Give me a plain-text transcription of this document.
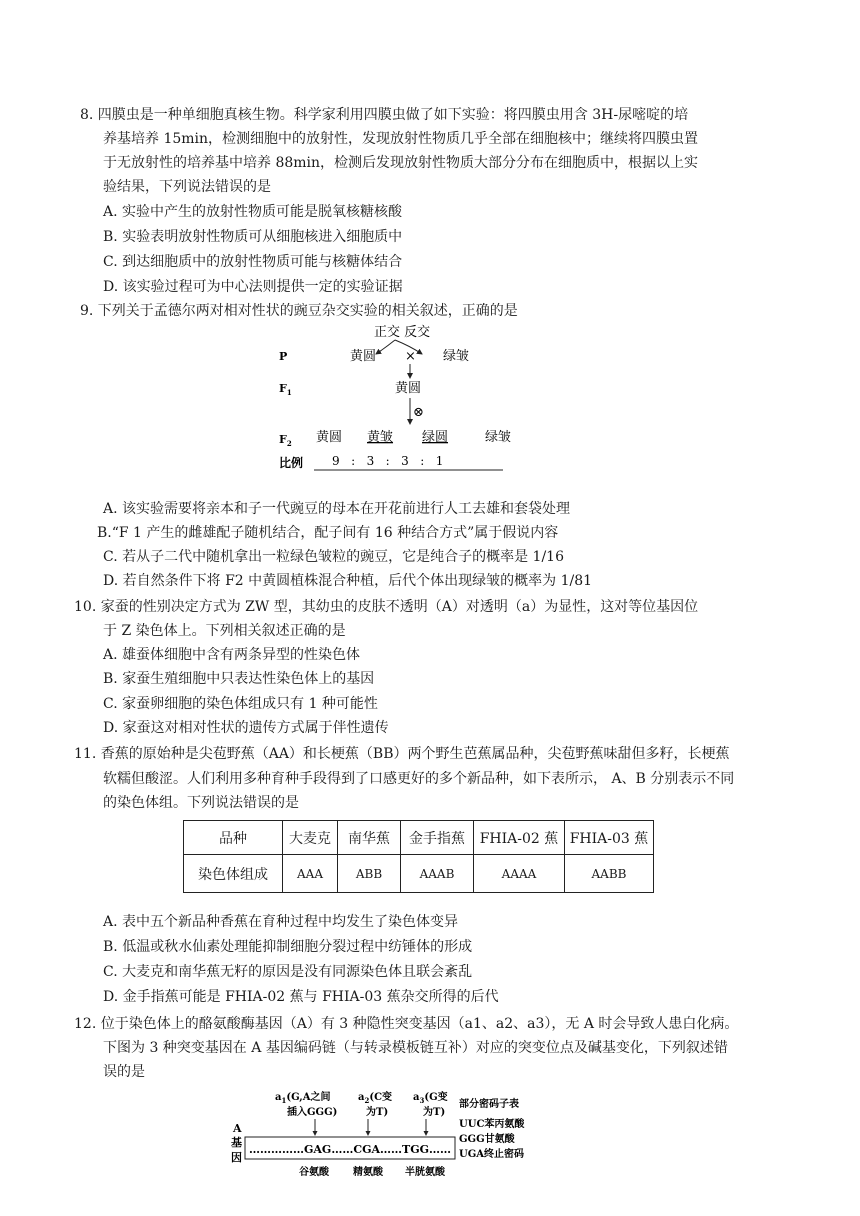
8. 四膜虫是一种单细胞真核生物。科学家利用四膜虫做了如下实验：将四膜虫用含 3H-尿嘧啶的培
养基培养 15min，检测细胞中的放射性，发现放射性物质几乎全部在细胞核中；继续将四膜虫置
于无放射性的培养基中培养 88min，检测后发现放射性物质大部分分布在细胞质中，根据以上实
验结果，下列说法错误的是
A. 实验中产生的放射性物质可能是脱氧核糖核酸
B. 实验表明放射性物质可从细胞核进入细胞质中
C. 到达细胞质中的放射性物质可能与核糖体结合
D. 该实验过程可为中心法则提供一定的实验证据
9. 下列关于孟德尔两对相对性状的豌豆杂交实验的相关叙述，正确的是
正交 反交
P	黄圆 × 绿皱
$F_1$	黄圆
⊗
$F_2$ 黄圆 黄皱 绿圆	绿皱
比例 9   :   3   :   3   :   1
A. 该实验需要将亲本和子一代豌豆的母本在开花前进行人工去雄和套袋处理
B.“F 1 产生的雌雄配子随机结合，配子间有 16 种结合方式”属于假说内容
C. 若从子二代中随机拿出一粒绿色皱粒的豌豆，它是纯合子的概率是 1/16
D. 若自然条件下将 F2 中黄圆植株混合种植，后代个体出现绿皱的概率为 1/81
10. 家蚕的性别决定方式为 ZW 型，其幼虫的皮肤不透明（A）对透明（a）为显性，这对等位基因位
于 Z 染色体上。下列相关叙述正确的是
A. 雄蚕体细胞中含有两条异型的性染色体
B. 家蚕生殖细胞中只表达性染色体上的基因
C. 家蚕卵细胞的染色体组成只有 1 种可能性
D. 家蚕这对相对性状的遗传方式属于伴性遗传
11. 香蕉的原始种是尖苞野蕉（AA）和长梗蕉（BB）两个野生芭蕉属品种，尖苞野蕉味甜但多籽，长梗蕉
软糯但酸涩。人们利用多种育种手段得到了口感更好的多个新品种，如下表所示， A、B 分别表示不同
的染色体组。下列说法错误的是
品种	大麦克	南华蕉	金手指蕉	FHIA-02 蕉	FHIA-03 蕉
染色体组成	AAA	ABB	AAAB	AAAA	AABB
A. 表中五个新品种香蕉在育种过程中均发生了染色体变异
B. 低温或秋水仙素处理能抑制细胞分裂过程中纺锤体的形成
C. 大麦克和南华蕉无籽的原因是没有同源染色体且联会紊乱
D. 金手指蕉可能是 FHIA-02 蕉与 FHIA-03 蕉杂交所得的后代
12. 位于染色体上的酪氨酸酶基因（A）有 3 种隐性突变基因（a1、a2、a3），无 A 时会导致人患白化病。
下图为 3 种突变基因在 A 基因编码链（与转录模板链互补）对应的突变位点及碱基变化，下列叙述错
误的是
$a_1(G,A$之间
插入GGG)
$a_2(C$变
为T)
$a_3(G$变
为T)
部分密码子表
UUC苯丙氨酸
GGG甘氨酸
UGA终止密码
A
基
因
……………GAG……CGA……TGG……
谷氨酸 精氨酸 半胱氨酸
